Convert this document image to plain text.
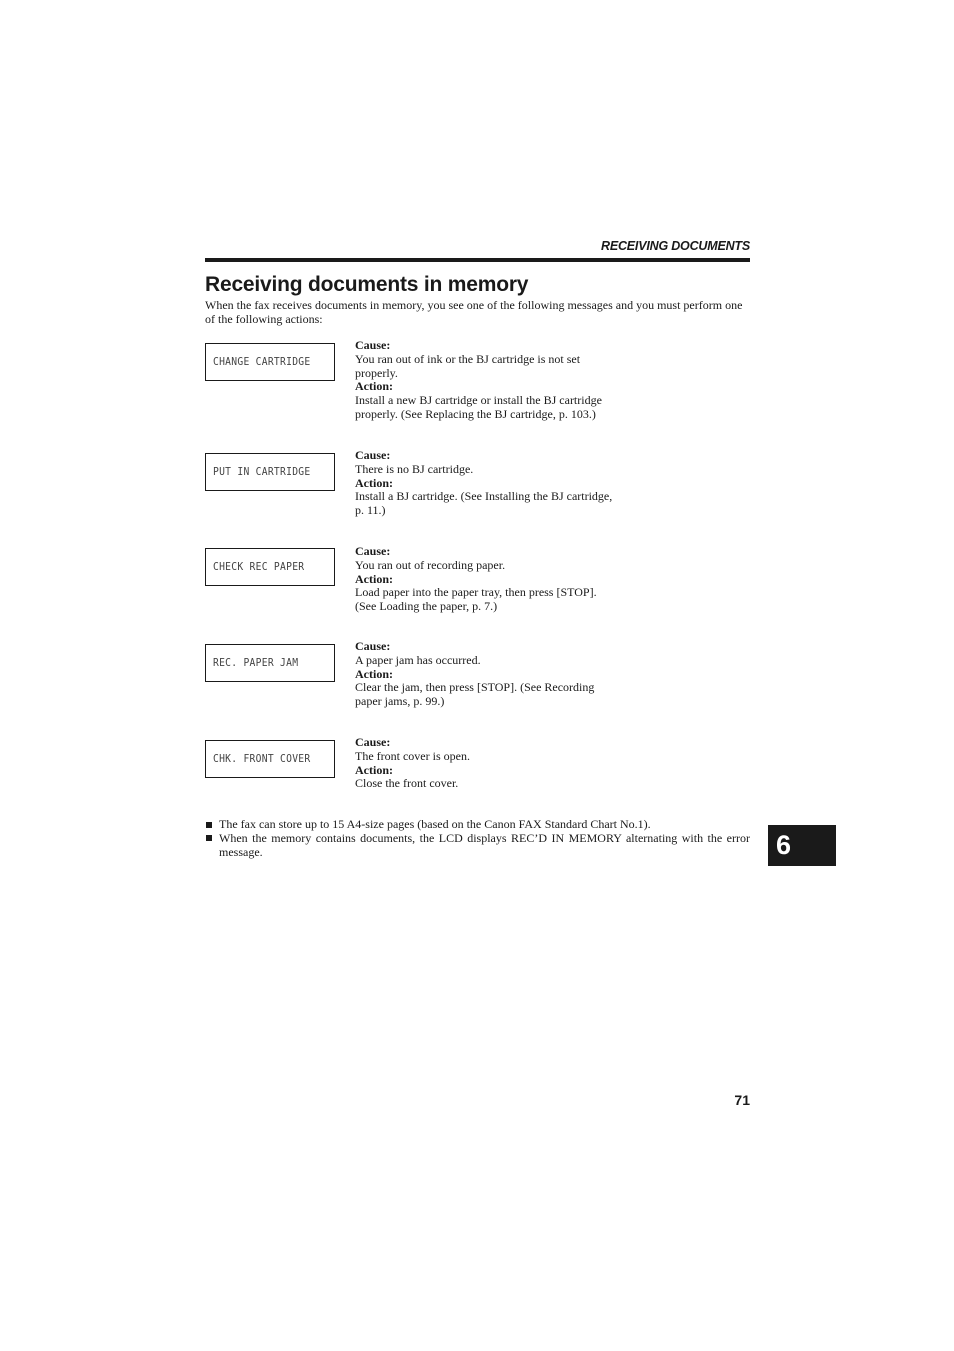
RECEIVING DOCUMENTS
Receiving documents in memory

When the fax receives documents in memory, you see one of the following messages and you must perform one of the following actions:

CHANGE CARTRIDGE
Cause:
You ran out of ink or the BJ cartridge is not set
properly.
Action:
Install a new BJ cartridge or install the BJ cartridge
properly. (See Replacing the BJ cartridge, p. 103.)
PUT IN CARTRIDGE
Cause:
There is no BJ cartridge.
Action:
Install a BJ cartridge. (See Installing the BJ cartridge,
p. 11.)
CHECK REC PAPER
Cause:
You ran out of recording paper.
Action:
Load paper into the paper tray, then press [STOP].
(See Loading the paper, p. 7.)
REC. PAPER JAM
Cause:
A paper jam has occurred.
Action:
Clear the jam, then press [STOP]. (See Recording
paper jams, p. 99.)
CHK. FRONT COVER
Cause:
The front cover is open.
Action:
Close the front cover.
The fax can store up to 15 A4-size pages (based on the Canon FAX Standard Chart No.1).
When the memory contains documents, the LCD displays REC’D IN MEMORY alternating with the error message.	6
71
